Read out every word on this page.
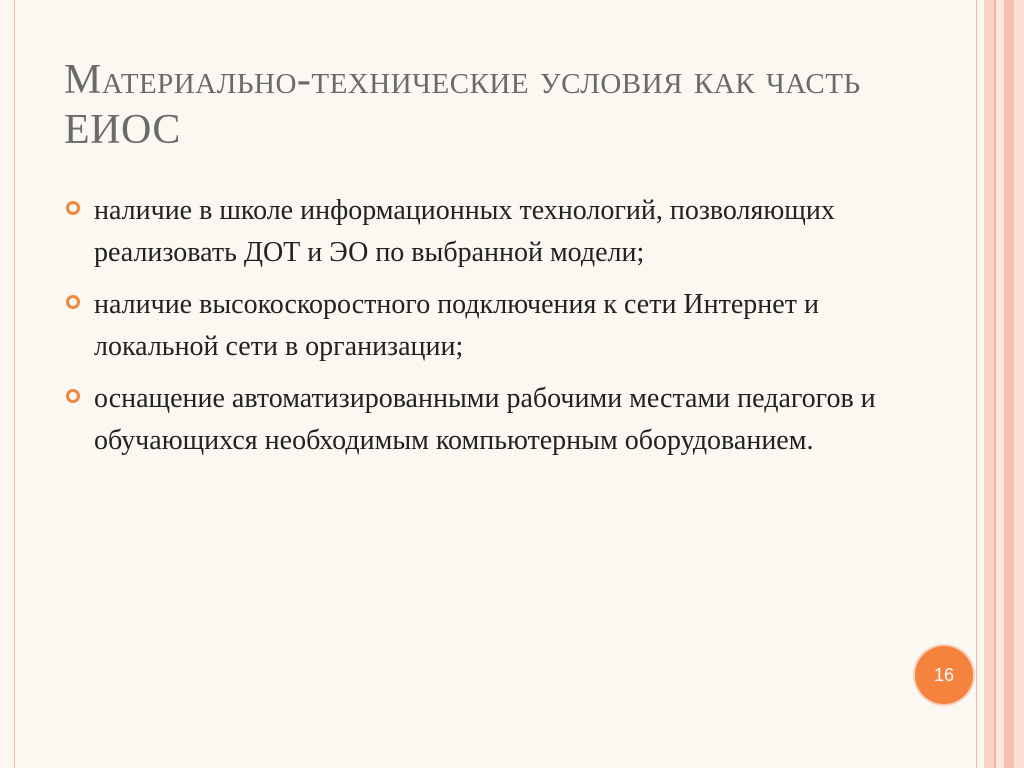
Материально-технические условия как часть ЕИОС
наличие в школе информационных технологий, позволяющих реализовать ДОТ и ЭО по выбранной модели;
наличие высокоскоростного подключения к сети Интернет и локальной сети в организации;
оснащение автоматизированными рабочими местами педагогов и обучающихся необходимым компьютерным оборудованием.
16
